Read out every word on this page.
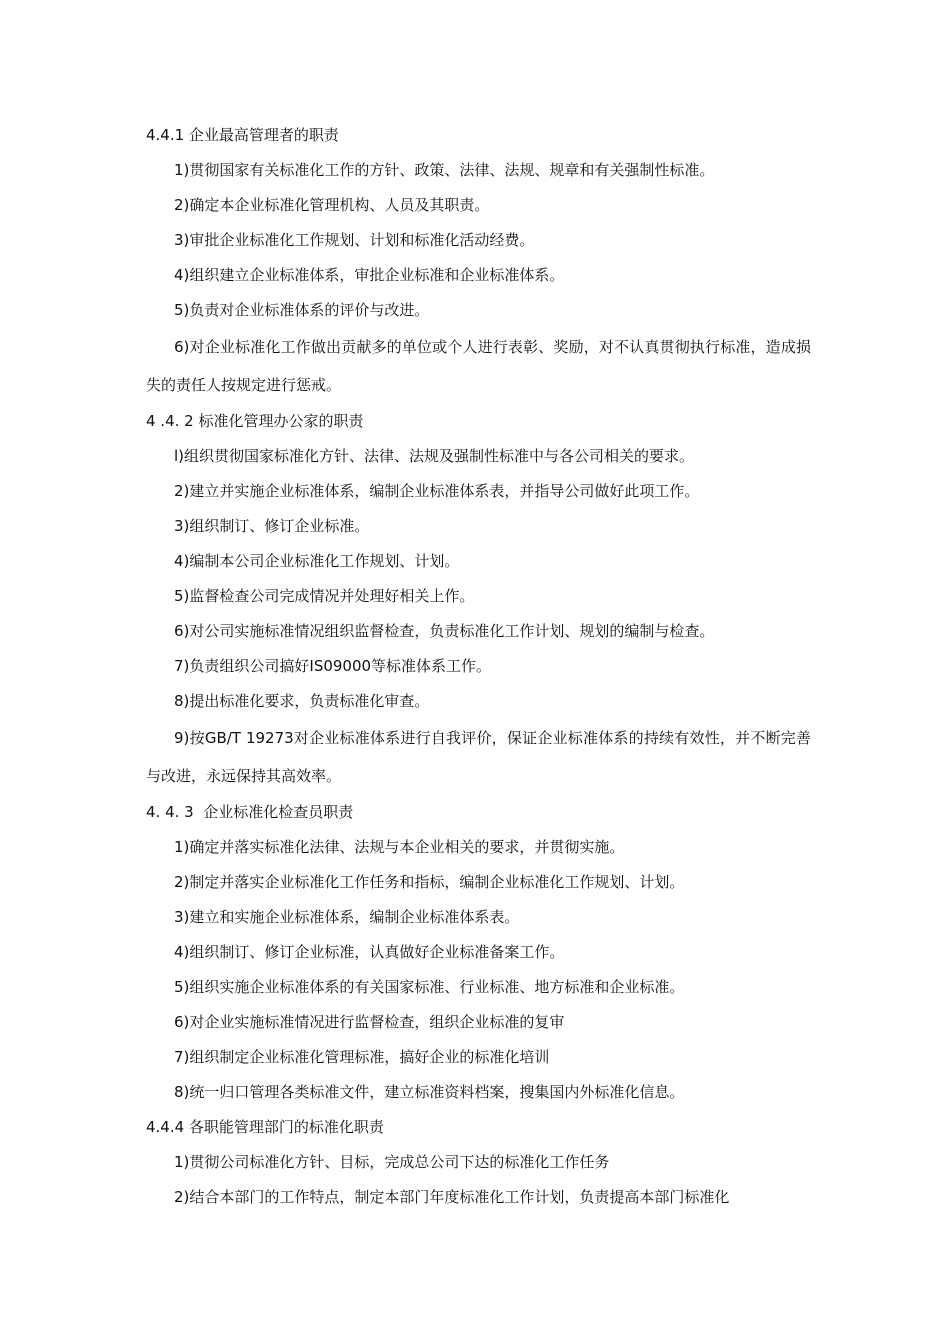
4.4.1 企业最高管理者的职责

1)贯彻国家有关标准化工作的方针、政策、法律、法规、规章和有关强制性标准。

2)确定本企业标准化管理机构、人员及其职责。

3)审批企业标准化工作规划、计划和标准化活动经费。

4)组织建立企业标准体系，审批企业标准和企业标准体系。

5)负责对企业标准体系的评价与改进。

6)对企业标准化工作做出贡献多的单位或个人进行表彰、奖励，对不认真贯彻执行标准，造成损失的责任人按规定进行惩戒。

4 .4. 2 标准化管理办公家的职责

l)组织贯彻国家标准化方针、法律、法规及强制性标准中与各公司相关的要求。

2)建立并实施企业标准体系，编制企业标准体系表，并指导公司做好此项工作。

3)组织制订、修订企业标准。

4)编制本公司企业标准化工作规划、计划。

5)监督检查公司完成情况并处理好相关上作。

6)对公司实施标准情况组织监督检查，负责标准化工作计划、规划的编制与检查。

7)负责组织公司搞好IS09000等标准体系工作。

8)提出标准化要求，负责标准化审查。

9)按GB/T 19273对企业标准体系进行自我评价，保证企业标准体系的持续有效性，并不断完善与改进，永远保持其高效率。

4. 4. 3  企业标准化检查员职责

1)确定并落实标准化法律、法规与本企业相关的要求，并贯彻实施。

2)制定并落实企业标准化工作任务和指标，编制企业标准化工作规划、计划。

3)建立和实施企业标准体系，编制企业标准体系表。

4)组织制订、修订企业标准，认真做好企业标准备案工作。

5)组织实施企业标准体系的有关国家标准、行业标准、地方标准和企业标准。

6)对企业实施标准情况进行监督检查，组织企业标准的复审

7)组织制定企业标准化管理标准，搞好企业的标准化培训

8)统一归口管理各类标准文件，建立标准资料档案，搜集国内外标准化信息。

4.4.4 各职能管理部门的标准化职责

1)贯彻公司标准化方针、目标，完成总公司下达的标准化工作任务

2)结合本部门的工作特点，制定本部门年度标准化工作计划，负责提高本部门标准化
